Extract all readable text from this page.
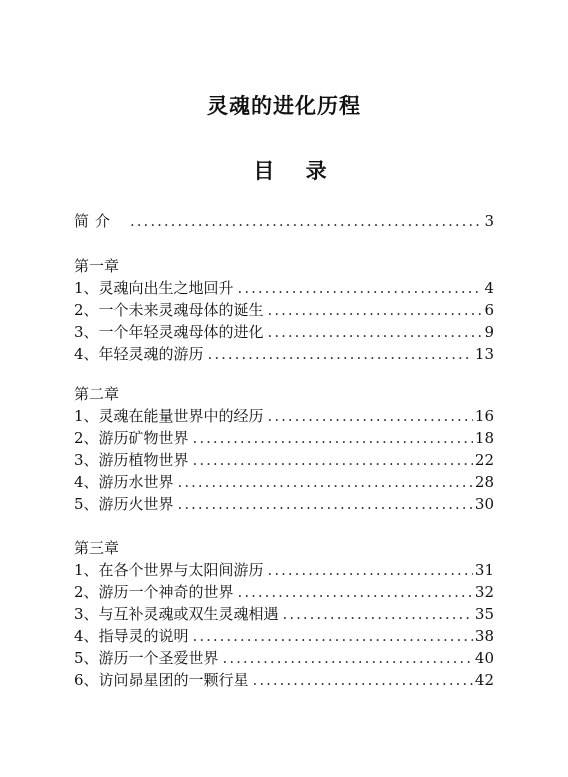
灵魂的进化历程
目 录
简介 .....	3
第一章
1、灵魂向出生之地回升 .....	4
2、一个未来灵魂母体的诞生 .....	6
3、一个年轻灵魂母体的进化 .....	9
4、年轻灵魂的游历 .....	13
第二章
1、灵魂在能量世界中的经历 .....	16
2、游历矿物世界 .....	18
3、游历植物世界 .....	22
4、游历水世界 .....	28
5、游历火世界 .....	30
第三章
1、在各个世界与太阳间游历 .....	31
2、游历一个神奇的世界 .....	32
3、与互补灵魂或双生灵魂相遇 .....	35
4、指导灵的说明 .....	38
5、游历一个圣爱世界 .....	40
6、访问昴星团的一颗行星 .....	42
